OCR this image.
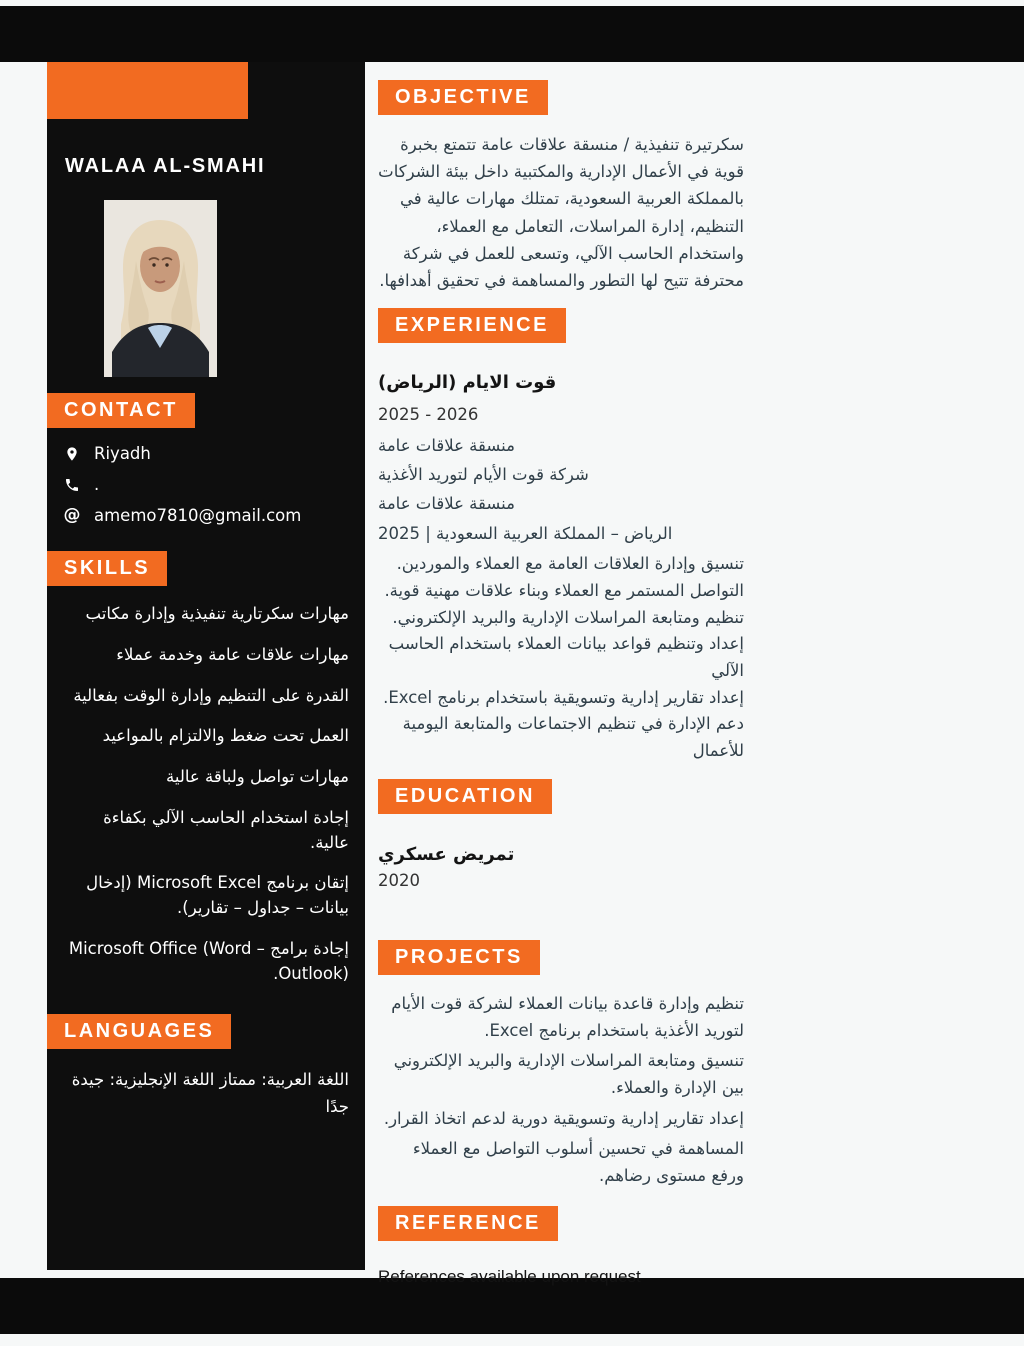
WALAA AL-SMAHI
CONTACT
Riyadh
.
@ amemo7810@gmail.com
SKILLS
مهارات سكرتارية تنفيذية وإدارة مكاتب
مهارات علاقات عامة وخدمة عملاء
القدرة على التنظيم وإدارة الوقت بفعالية
العمل تحت ضغط والالتزام بالمواعيد
مهارات تواصل ولباقة عالية
إجادة استخدام الحاسب الآلي بكفاءة عالية.
إتقان برنامج Microsoft Excel (إدخال بيانات – جداول – تقارير).
إجادة برامج Microsoft Office (Word – Outlook).
LANGUAGES
اللغة العربية: ممتاز اللغة الإنجليزية: جيدة جدًا
OBJECTIVE
سكرتيرة تنفيذية / منسقة علاقات عامة تتمتع بخبرة قوية في الأعمال الإدارية والمكتبية داخل بيئة الشركات بالمملكة العربية السعودية، تمتلك مهارات عالية في التنظيم، إدارة المراسلات، التعامل مع العملاء، واستخدام الحاسب الآلي، وتسعى للعمل في شركة محترفة تتيح لها التطور والمساهمة في تحقيق أهدافها.
EXPERIENCE
قوت الايام (الرياض)
2025 - 2026
منسقة علاقات عامة
شركة قوت الأيام لتوريد الأغذية
منسقة علاقات عامة
الرياض – المملكة العربية السعودية | 2025
تنسيق وإدارة العلاقات العامة مع العملاء والموردين.
التواصل المستمر مع العملاء وبناء علاقات مهنية قوية.
تنظيم ومتابعة المراسلات الإدارية والبريد الإلكتروني.
إعداد وتنظيم قواعد بيانات العملاء باستخدام الحاسب الآلي
إعداد تقارير إدارية وتسويقية باستخدام برنامج Excel.
دعم الإدارة في تنظيم الاجتماعات والمتابعة اليومية للأعمال
EDUCATION
تمريض عسكري
2020
PROJECTS
تنظيم وإدارة قاعدة بيانات العملاء لشركة قوت الأيام لتوريد الأغذية باستخدام برنامج Excel.
تنسيق ومتابعة المراسلات الإدارية والبريد الإلكتروني بين الإدارة والعملاء.
إعداد تقارير إدارية وتسويقية دورية لدعم اتخاذ القرار.
المساهمة في تحسين أسلوب التواصل مع العملاء ورفع مستوى رضاهم.
REFERENCE
References available upon request
